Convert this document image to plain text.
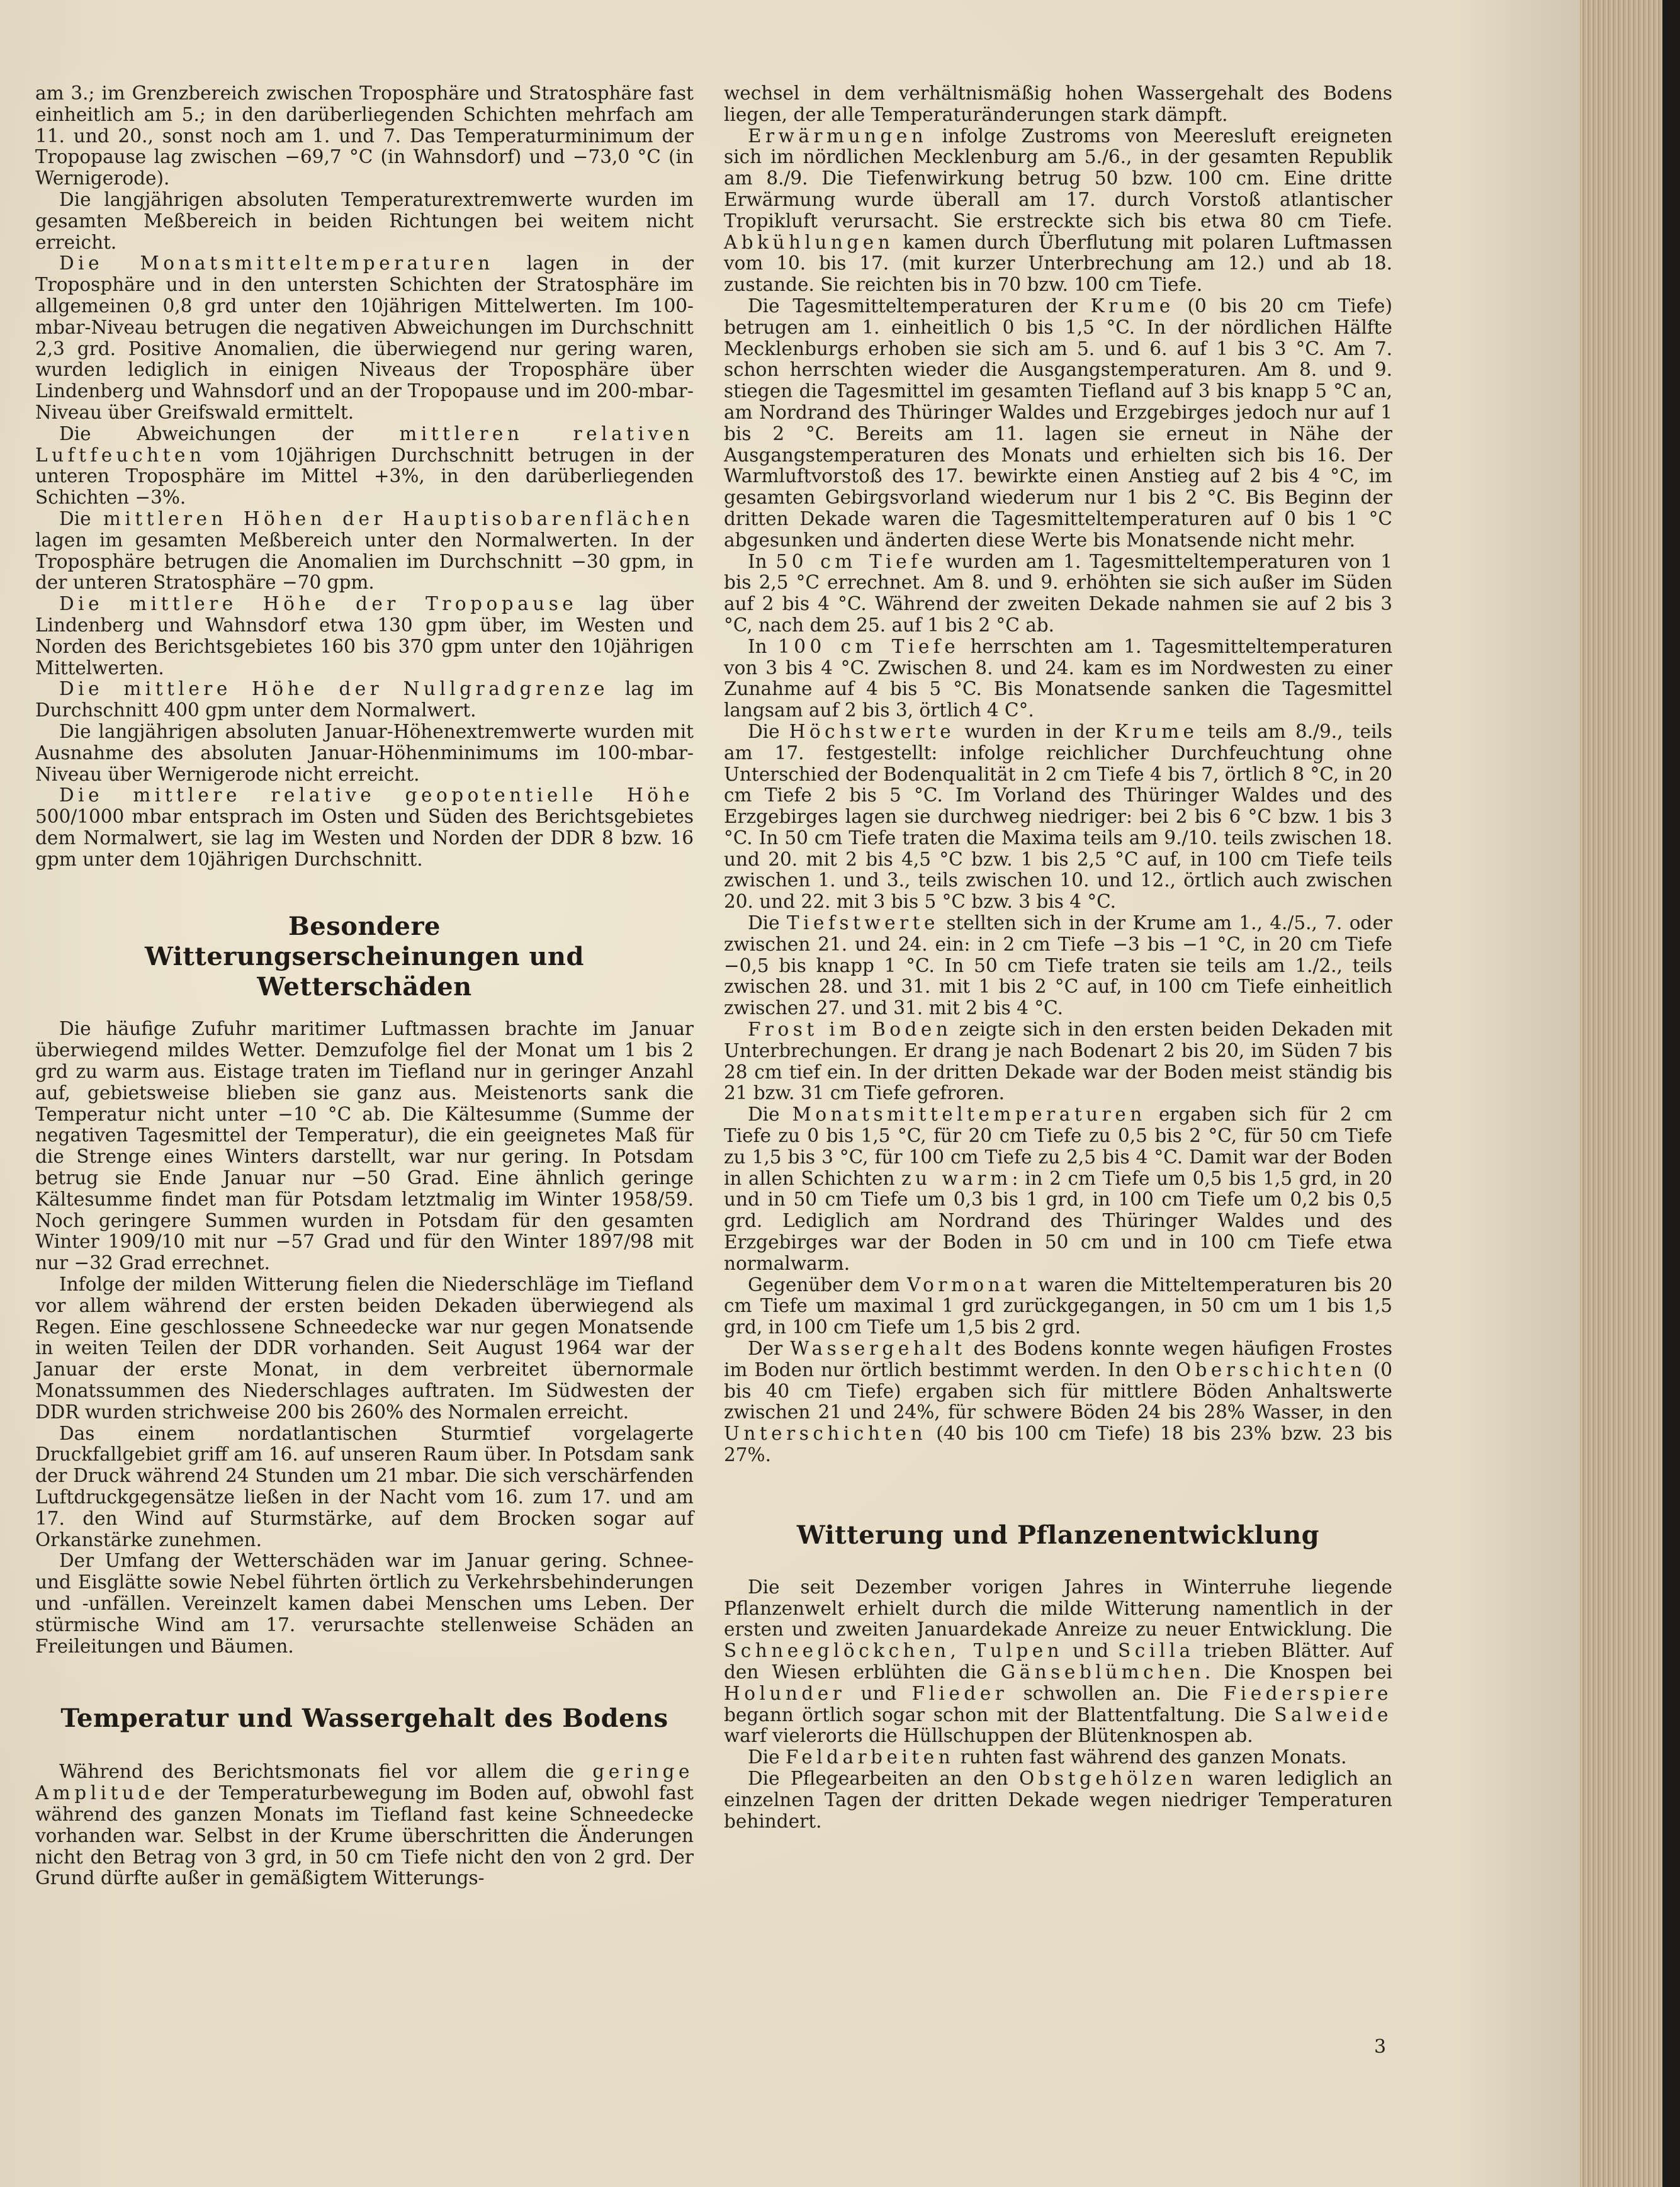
am 3.; im Grenzbereich zwischen Troposphäre und Stratosphäre fast einheitlich am 5.; in den darüberliegenden Schichten mehrfach am 11. und 20., sonst noch am 1. und 7. Das Temperaturminimum der Tropopause lag zwischen −69,7 °C (in Wahnsdorf) und −73,0 °C (in Wernigerode).

Die langjährigen absoluten Temperaturextremwerte wurden im gesamten Meßbereich in beiden Richtungen bei weitem nicht erreicht.

Die Monatsmitteltemperaturen lagen in der Troposphäre und in den untersten Schichten der Stratosphäre im allgemeinen 0,8 grd unter den 10jährigen Mittelwerten. Im 100-mbar-Niveau betrugen die negativen Abweichungen im Durchschnitt 2,3 grd. Positive Anomalien, die überwiegend nur gering waren, wurden lediglich in einigen Niveaus der Troposphäre über Lindenberg und Wahnsdorf und an der Tropopause und im 200-mbar-Niveau über Greifswald ermittelt.

Die Abweichungen der mittleren relativen Luftfeuchten vom 10jährigen Durchschnitt betrugen in der unteren Troposphäre im Mittel +3%, in den darüberliegenden Schichten −3%.

Die mittleren Höhen der Hauptisobarenflächen lagen im gesamten Meßbereich unter den Normalwerten. In der Troposphäre betrugen die Anomalien im Durchschnitt −30 gpm, in der unteren Stratosphäre −70 gpm.

Die mittlere Höhe der Tropopause lag über Lindenberg und Wahnsdorf etwa 130 gpm über, im Westen und Norden des Berichtsgebietes 160 bis 370 gpm unter den 10jährigen Mittelwerten.

Die mittlere Höhe der Nullgradgrenze lag im Durchschnitt 400 gpm unter dem Normalwert.

Die langjährigen absoluten Januar-Höhenextremwerte wurden mit Ausnahme des absoluten Januar-Höhenminimums im 100-mbar-Niveau über Wernigerode nicht erreicht.

Die mittlere relative geopotentielle Höhe 500/1000 mbar entsprach im Osten und Süden des Berichtsgebietes dem Normalwert, sie lag im Westen und Norden der DDR 8 bzw. 16 gpm unter dem 10jährigen Durchschnitt.

Besondere Witterungserscheinungen und Wetterschäden

Die häufige Zufuhr maritimer Luftmassen brachte im Januar überwiegend mildes Wetter. Demzufolge fiel der Monat um 1 bis 2 grd zu warm aus. Eistage traten im Tiefland nur in geringer Anzahl auf, gebietsweise blieben sie ganz aus. Meistenorts sank die Temperatur nicht unter −10 °C ab. Die Kältesumme (Summe der negativen Tagesmittel der Temperatur), die ein geeignetes Maß für die Strenge eines Winters darstellt, war nur gering. In Potsdam betrug sie Ende Januar nur −50 Grad. Eine ähnlich geringe Kältesumme findet man für Potsdam letztmalig im Winter 1958/59. Noch geringere Summen wurden in Potsdam für den gesamten Winter 1909/10 mit nur −57 Grad und für den Winter 1897/98 mit nur −32 Grad errechnet.

Infolge der milden Witterung fielen die Niederschläge im Tiefland vor allem während der ersten beiden Dekaden überwiegend als Regen. Eine geschlossene Schneedecke war nur gegen Monatsende in weiten Teilen der DDR vorhanden. Seit August 1964 war der Januar der erste Monat, in dem verbreitet übernormale Monatssummen des Niederschlages auftraten. Im Südwesten der DDR wurden strichweise 200 bis 260% des Normalen erreicht.

Das einem nordatlantischen Sturmtief vorgelagerte Druckfallgebiet griff am 16. auf unseren Raum über. In Potsdam sank der Druck während 24 Stunden um 21 mbar. Die sich verschärfenden Luftdruckgegensätze ließen in der Nacht vom 16. zum 17. und am 17. den Wind auf Sturmstärke, auf dem Brocken sogar auf Orkanstärke zunehmen.

Der Umfang der Wetterschäden war im Januar gering. Schnee- und Eisglätte sowie Nebel führten örtlich zu Verkehrsbehinderungen und -unfällen. Vereinzelt kamen dabei Menschen ums Leben. Der stürmische Wind am 17. verursachte stellenweise Schäden an Freileitungen und Bäumen.

Temperatur und Wassergehalt des Bodens

Während des Berichtsmonats fiel vor allem die geringe Amplitude der Temperaturbewegung im Boden auf, obwohl fast während des ganzen Monats im Tiefland fast keine Schneedecke vorhanden war. Selbst in der Krume überschritten die Änderungen nicht den Betrag von 3 grd, in 50 cm Tiefe nicht den von 2 grd. Der Grund dürfte außer in gemäßigtem Witterungs-

wechsel in dem verhältnismäßig hohen Wassergehalt des Bodens liegen, der alle Temperaturänderungen stark dämpft.

Erwärmungen infolge Zustroms von Meeresluft ereigneten sich im nördlichen Mecklenburg am 5./6., in der gesamten Republik am 8./9. Die Tiefenwirkung betrug 50 bzw. 100 cm. Eine dritte Erwärmung wurde überall am 17. durch Vorstoß atlantischer Tropikluft verursacht. Sie erstreckte sich bis etwa 80 cm Tiefe. Abkühlungen kamen durch Überflutung mit polaren Luftmassen vom 10. bis 17. (mit kurzer Unterbrechung am 12.) und ab 18. zustande. Sie reichten bis in 70 bzw. 100 cm Tiefe.

Die Tagesmitteltemperaturen der Krume (0 bis 20 cm Tiefe) betrugen am 1. einheitlich 0 bis 1,5 °C. In der nördlichen Hälfte Mecklenburgs erhoben sie sich am 5. und 6. auf 1 bis 3 °C. Am 7. schon herrschten wieder die Ausgangstemperaturen. Am 8. und 9. stiegen die Tagesmittel im gesamten Tiefland auf 3 bis knapp 5 °C an, am Nordrand des Thüringer Waldes und Erzgebirges jedoch nur auf 1 bis 2 °C. Bereits am 11. lagen sie erneut in Nähe der Ausgangstemperaturen des Monats und erhielten sich bis 16. Der Warmluftvorstoß des 17. bewirkte einen Anstieg auf 2 bis 4 °C, im gesamten Gebirgsvorland wiederum nur 1 bis 2 °C. Bis Beginn der dritten Dekade waren die Tagesmitteltemperaturen auf 0 bis 1 °C abgesunken und änderten diese Werte bis Monatsende nicht mehr.

In 50 cm Tiefe wurden am 1. Tagesmitteltemperaturen von 1 bis 2,5 °C errechnet. Am 8. und 9. erhöhten sie sich außer im Süden auf 2 bis 4 °C. Während der zweiten Dekade nahmen sie auf 2 bis 3 °C, nach dem 25. auf 1 bis 2 °C ab.

In 100 cm Tiefe herrschten am 1. Tagesmitteltemperaturen von 3 bis 4 °C. Zwischen 8. und 24. kam es im Nordwesten zu einer Zunahme auf 4 bis 5 °C. Bis Monatsende sanken die Tagesmittel langsam auf 2 bis 3, örtlich 4 C°.

Die Höchstwerte wurden in der Krume teils am 8./9., teils am 17. festgestellt: infolge reichlicher Durchfeuchtung ohne Unterschied der Bodenqualität in 2 cm Tiefe 4 bis 7, örtlich 8 °C, in 20 cm Tiefe 2 bis 5 °C. Im Vorland des Thüringer Waldes und des Erzgebirges lagen sie durchweg niedriger: bei 2 bis 6 °C bzw. 1 bis 3 °C. In 50 cm Tiefe traten die Maxima teils am 9./10. teils zwischen 18. und 20. mit 2 bis 4,5 °C bzw. 1 bis 2,5 °C auf, in 100 cm Tiefe teils zwischen 1. und 3., teils zwischen 10. und 12., örtlich auch zwischen 20. und 22. mit 3 bis 5 °C bzw. 3 bis 4 °C.

Die Tiefstwerte stellten sich in der Krume am 1., 4./5., 7. oder zwischen 21. und 24. ein: in 2 cm Tiefe −3 bis −1 °C, in 20 cm Tiefe −0,5 bis knapp 1 °C. In 50 cm Tiefe traten sie teils am 1./2., teils zwischen 28. und 31. mit 1 bis 2 °C auf, in 100 cm Tiefe einheitlich zwischen 27. und 31. mit 2 bis 4 °C.

Frost im Boden zeigte sich in den ersten beiden Dekaden mit Unterbrechungen. Er drang je nach Bodenart 2 bis 20, im Süden 7 bis 28 cm tief ein. In der dritten Dekade war der Boden meist ständig bis 21 bzw. 31 cm Tiefe gefroren.

Die Monatsmitteltemperaturen ergaben sich für 2 cm Tiefe zu 0 bis 1,5 °C, für 20 cm Tiefe zu 0,5 bis 2 °C, für 50 cm Tiefe zu 1,5 bis 3 °C, für 100 cm Tiefe zu 2,5 bis 4 °C. Damit war der Boden in allen Schichten zu warm: in 2 cm Tiefe um 0,5 bis 1,5 grd, in 20 und in 50 cm Tiefe um 0,3 bis 1 grd, in 100 cm Tiefe um 0,2 bis 0,5 grd. Lediglich am Nordrand des Thüringer Waldes und des Erzgebirges war der Boden in 50 cm und in 100 cm Tiefe etwa normalwarm.

Gegenüber dem Vormonat waren die Mitteltemperaturen bis 20 cm Tiefe um maximal 1 grd zurückgegangen, in 50 cm um 1 bis 1,5 grd, in 100 cm Tiefe um 1,5 bis 2 grd.

Der Wassergehalt des Bodens konnte wegen häufigen Frostes im Boden nur örtlich bestimmt werden. In den Oberschichten (0 bis 40 cm Tiefe) ergaben sich für mittlere Böden Anhaltswerte zwischen 21 und 24%, für schwere Böden 24 bis 28% Wasser, in den Unterschichten (40 bis 100 cm Tiefe) 18 bis 23% bzw. 23 bis 27%.

Witterung und Pflanzenentwicklung

Die seit Dezember vorigen Jahres in Winterruhe liegende Pflanzenwelt erhielt durch die milde Witterung namentlich in der ersten und zweiten Januardekade Anreize zu neuer Entwicklung. Die Schneeglöckchen, Tulpen und Scilla trieben Blätter. Auf den Wiesen erblühten die Gänseblümchen. Die Knospen bei Holunder und Flieder schwollen an. Die Fiederspiere begann örtlich sogar schon mit der Blattentfaltung. Die Salweide warf vielerorts die Hüllschuppen der Blütenknospen ab.

Die Feldarbeiten ruhten fast während des ganzen Monats.

Die Pflegearbeiten an den Obstgehölzen waren lediglich an einzelnen Tagen der dritten Dekade wegen niedriger Temperaturen behindert.

3
